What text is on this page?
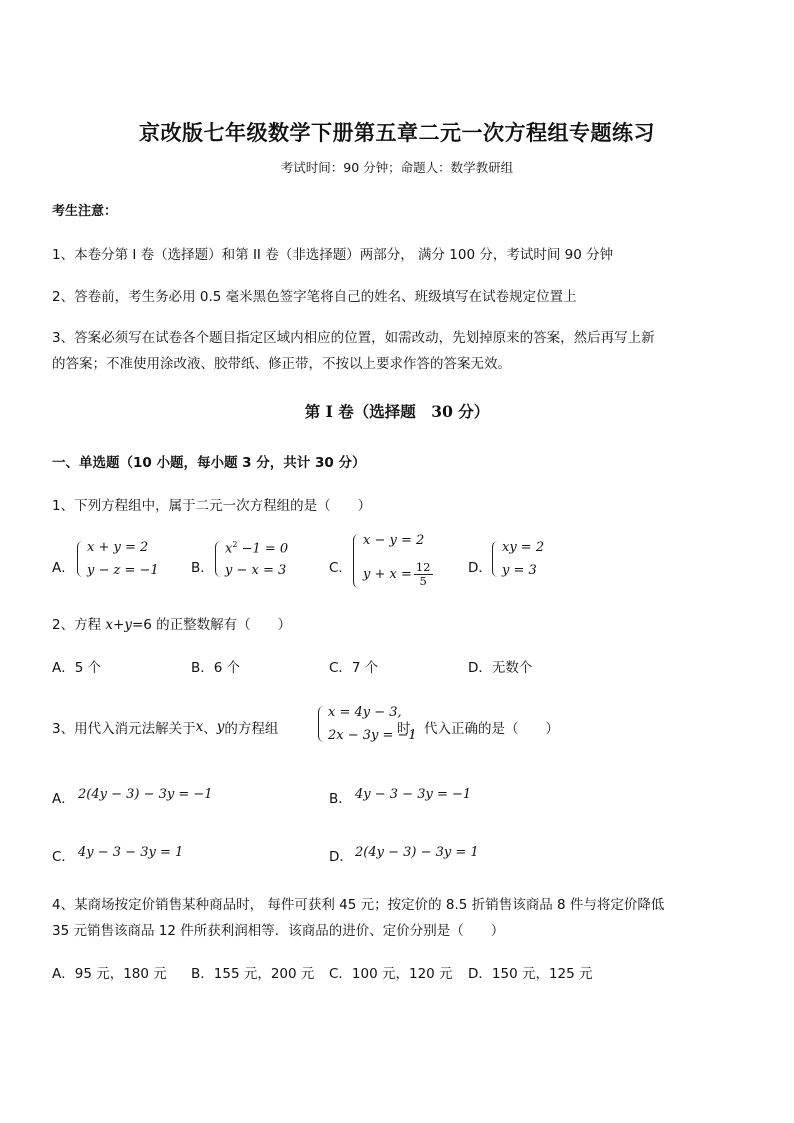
京改版七年级数学下册第五章二元一次方程组专题练习
考试时间：90 分钟；命题人：数学教研组
考生注意：
1、本卷分第 I 卷（选择题）和第 II 卷（非选择题）两部分， 满分 100 分，考试时间 90 分钟
2、答卷前，考生务必用 0.5 毫米黑色签字笔将自己的姓名、班级填写在试卷规定位置上
3、答案必须写在试卷各个题目指定区域内相应的位置，如需改动，先划掉原来的答案，然后再写上新
的答案；不准使用涂改液、胶带纸、修正带，不按以上要求作答的答案无效。
第 I 卷（选择题　30 分）
一、单选题（10 小题，每小题 3 分，共计 30 分）
1、下列方程组中，属于二元一次方程组的是（　　）
A．
x + y = 2
y − z = −1 B．
$x^2 -1 = 0$
y − x = 3	C．
x − y = 2
$y + x = \frac{12}{5}$	D．
xy = 2
y = 3
2、方程 x+y=6 的正整数解有（　　）
A．5 个	B．6 个	C．7 个	D．无数个
3、用代入消元法解关于 x 、 y 的方程组
x = 4y − 3,
2x − 3y = −1
时，代入正确的是（　　）
A． 2(4y − 3) − 3y = −1	B． 4y − 3 − 3y = −1
C． 4y − 3 − 3y = 1	D． 2(4y − 3) − 3y = 1
4、某商场按定价销售某种商品时， 每件可获利 45 元；按定价的 8.5 折销售该商品 8 件与将定价降低
35 元销售该商品 12 件所获利润相等．该商品的进价、定价分别是（　　）
A．95 元，180 元 B．155 元，200 元 C．100 元，120 元 D．150 元，125 元
